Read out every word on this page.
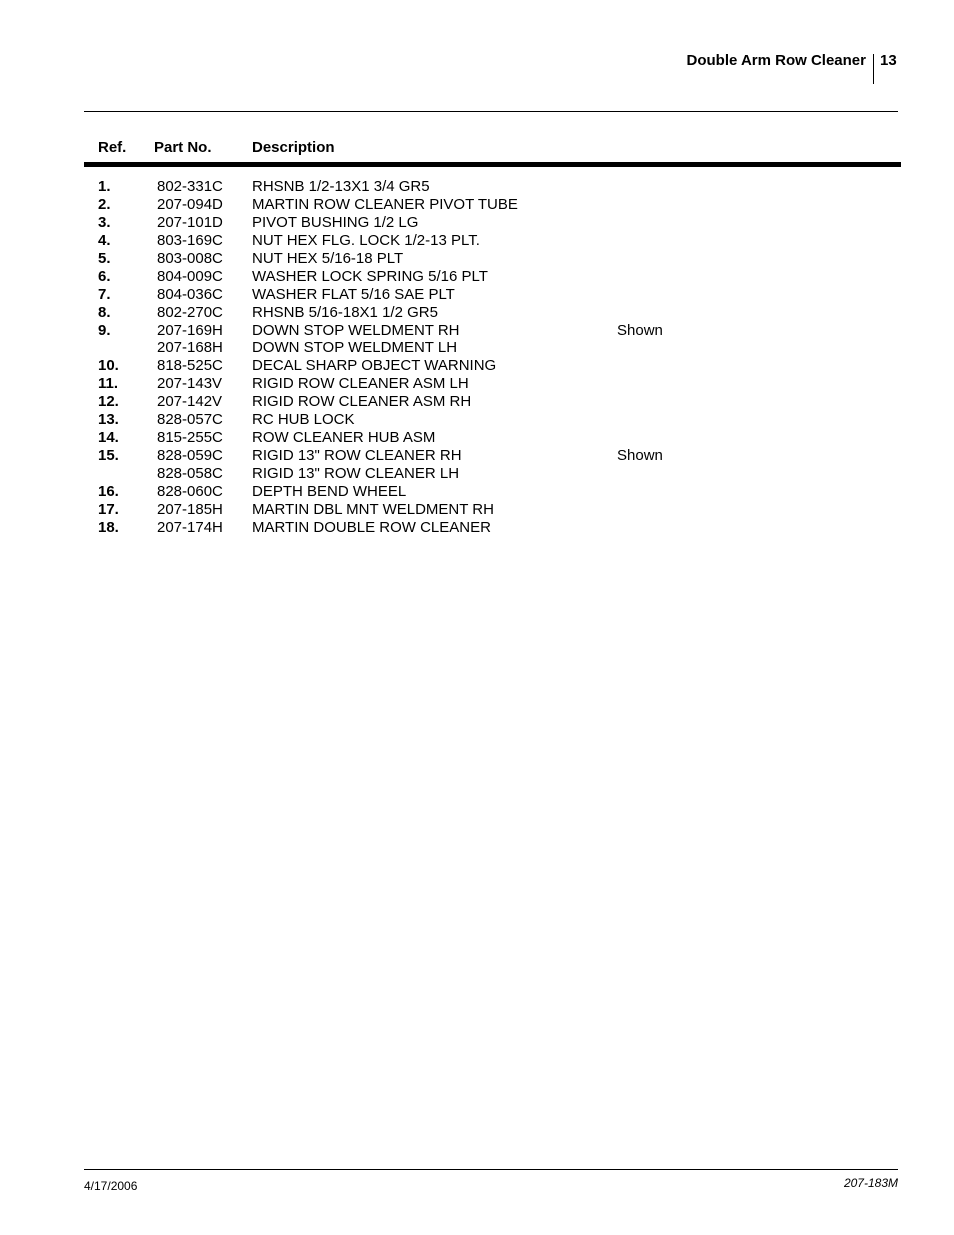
Double Arm Row Cleaner 13
Ref. Part No.	Description
1.	802-331C RHSNB 1/2-13X1 3/4 GR5
2.	207-094D MARTIN ROW CLEANER PIVOT TUBE
3.	207-101D PIVOT BUSHING 1/2 LG
4.	803-169C NUT HEX FLG. LOCK 1/2-13 PLT.
5.	803-008C NUT HEX 5/16-18 PLT
6.	804-009C WASHER LOCK SPRING 5/16 PLT
7.	804-036C WASHER FLAT 5/16 SAE PLT
8.	802-270C RHSNB 5/16-18X1 1/2 GR5
9.	207-169H DOWN STOP WELDMENT RH	Shown
207-168H DOWN STOP WELDMENT LH
10.	818-525C DECAL SHARP OBJECT WARNING
11.	207-143V RIGID ROW CLEANER ASM LH
12.	207-142V RIGID ROW CLEANER ASM RH
13.	828-057C RC HUB LOCK
14.	815-255C ROW CLEANER HUB ASM
15.	828-059C RIGID 13" ROW CLEANER RH	Shown
828-058C RIGID 13" ROW CLEANER LH
16.	828-060C DEPTH BEND WHEEL
17.	207-185H MARTIN DBL MNT WELDMENT RH
18.	207-174H MARTIN DOUBLE ROW CLEANER
4/17/2006	207-183M
